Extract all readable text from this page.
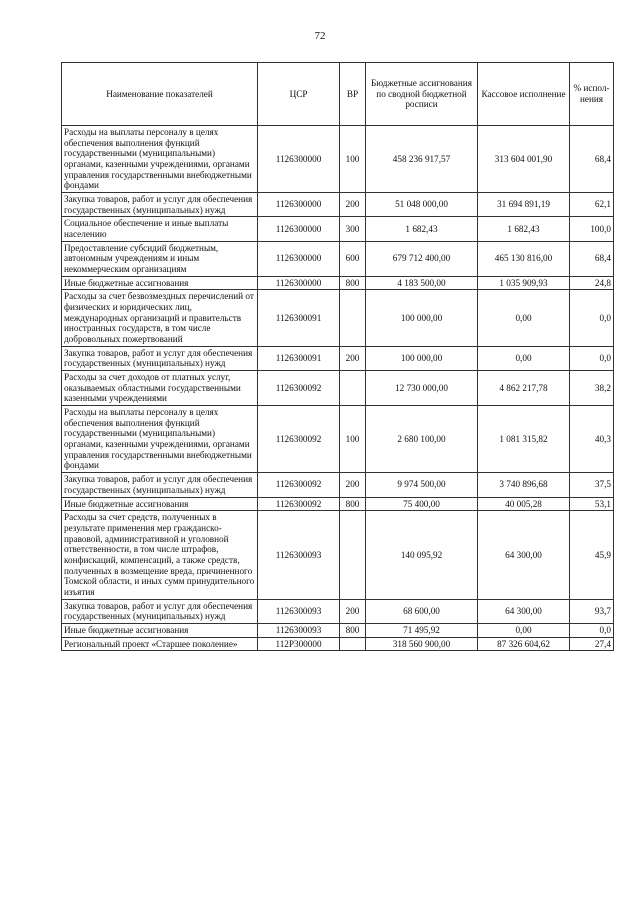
72
Наименование показателей	ЦСР	ВР	Бюджетные ассигнования по сводной бюджетной росписи	Кассовое исполнение	% испол-нения
Расходы на выплаты персоналу в целях обеспечения выполнения функций государственными (муниципальными) органами, казенными учреждениями, органами управления государственными внебюджетными фондами	1126300000	100	458 236 917,57	313 604 001,90	68,4
Закупка товаров, работ и услуг для обеспечения государственных (муниципальных) нужд	1126300000	200	51 048 000,00	31 694 891,19	62,1
Социальное обеспечение и иные выплаты населению	1126300000	300	1 682,43	1 682,43	100,0
Предоставление субсидий бюджетным, автономным учреждениям и иным некоммерческим организациям	1126300000	600	679 712 400,00	465 130 816,00	68,4
Иные бюджетные ассигнования	1126300000	800	4 183 500,00	1 035 909,93	24,8
Расходы за счет безвозмездных перечислений от физических и юридических лиц, международных организаций и правительств иностранных государств, в том числе добровольных пожертвований	1126300091		100 000,00	0,00	0,0
Закупка товаров, работ и услуг для обеспечения государственных (муниципальных) нужд	1126300091	200	100 000,00	0,00	0,0
Расходы за счет доходов от платных услуг, оказываемых областными государственными казенными учреждениями	1126300092		12 730 000,00	4 862 217,78	38,2
Расходы на выплаты персоналу в целях обеспечения выполнения функций государственными (муниципальными) органами, казенными учреждениями, органами управления государственными внебюджетными фондами	1126300092	100	2 680 100,00	1 081 315,82	40,3
Закупка товаров, работ и услуг для обеспечения государственных (муниципальных) нужд	1126300092	200	9 974 500,00	3 740 896,68	37,5
Иные бюджетные ассигнования	1126300092	800	75 400,00	40 005,28	53,1
Расходы за счет средств, полученных в результате применения мер гражданско-правовой, административной и уголовной ответственности, в том числе штрафов, конфискаций, компенсаций, а также средств, полученных в возмещение вреда, причиненного Томской области, и иных сумм принудительного изъятия	1126300093		140 095,92	64 300,00	45,9
Закупка товаров, работ и услуг для обеспечения государственных (муниципальных) нужд	1126300093	200	68 600,00	64 300,00	93,7
Иные бюджетные ассигнования	1126300093	800	71 495,92	0,00	0,0
Региональный проект «Старшее поколение»	112P300000		318 560 900,00	87 326 604,62	27,4
